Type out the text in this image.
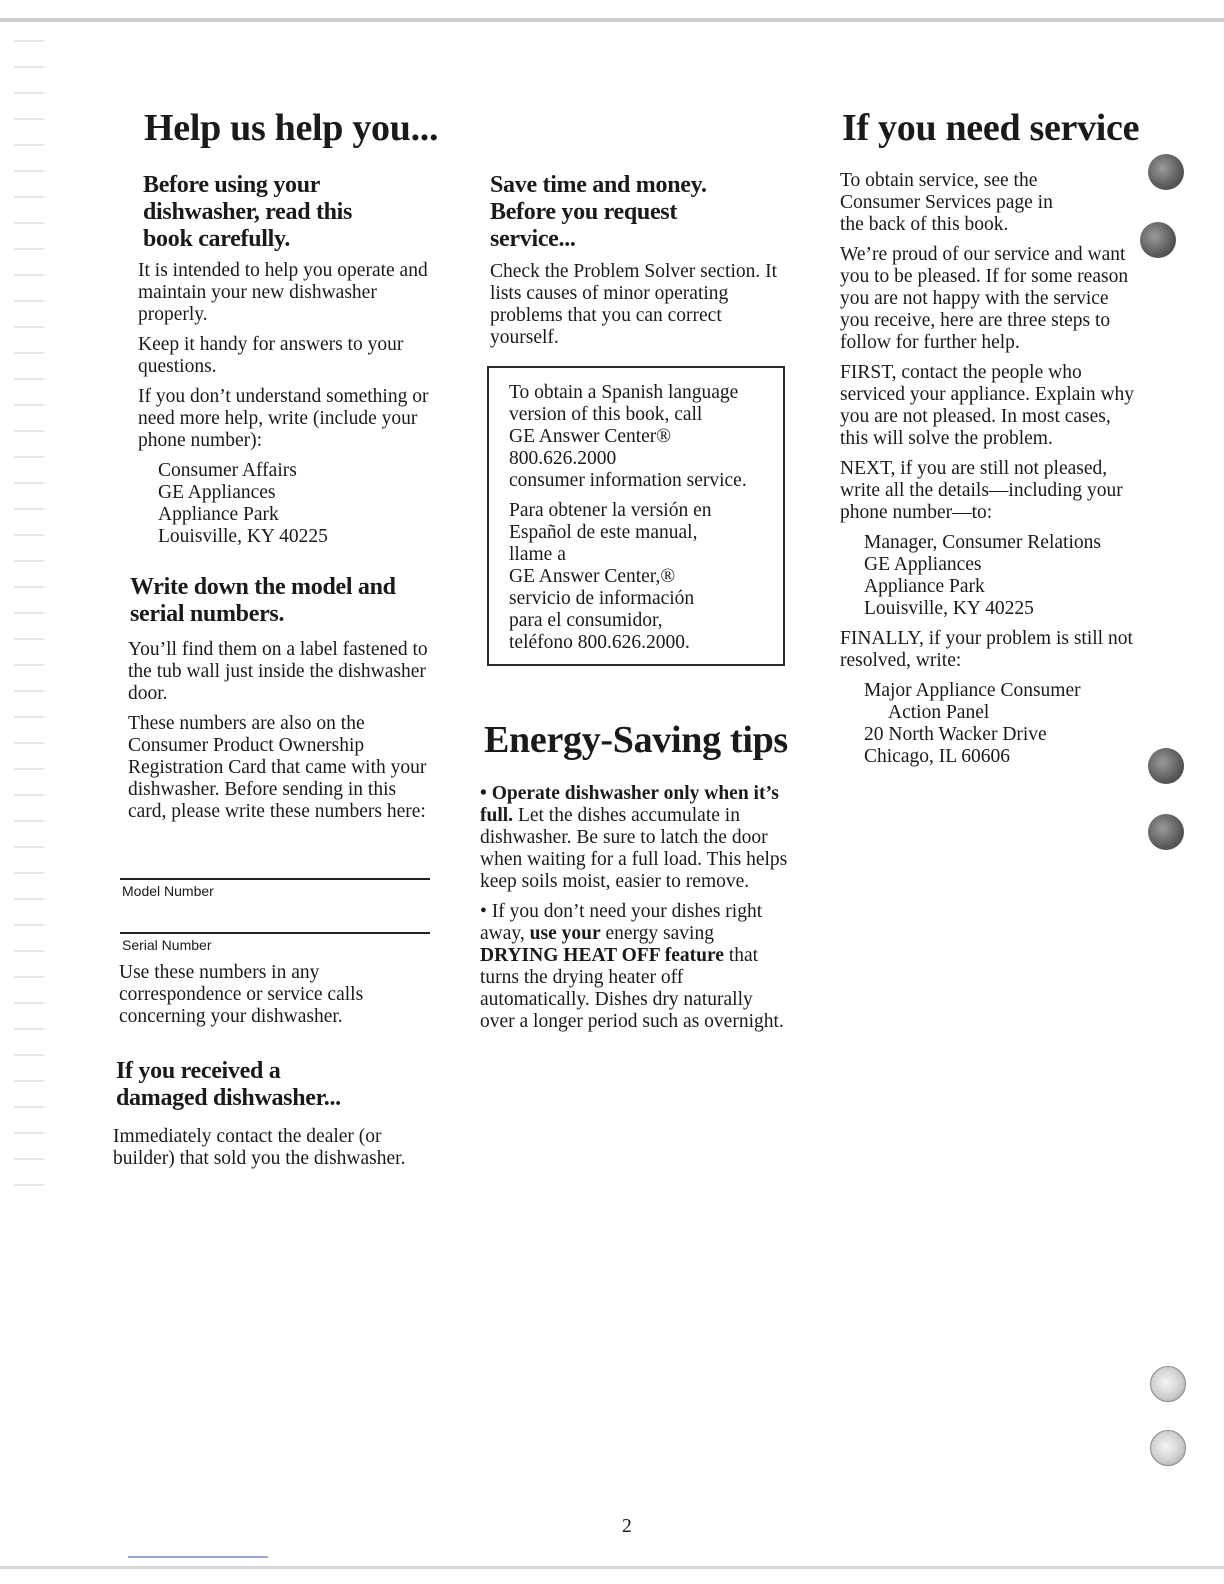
Help us help you...
Before using your
dishwasher, read this
book carefully.

It is intended to help you operate and maintain your new dishwasher properly.

Keep it handy for answers to your questions.

If you don’t understand something or need more help, write (include your phone number):

Consumer Affairs
GE Appliances
Appliance Park
Louisville, KY 40225
Write down the model and
serial numbers.

You’ll find them on a label fastened to the tub wall just inside the dishwasher door.

These numbers are also on the Consumer Product Ownership Registration Card that came with your dishwasher. Before sending in this card, please write these numbers here:

Model Number
Serial Number
Use these numbers in any correspondence or service calls concerning your dishwasher.
If you received a
damaged dishwasher...
Immediately contact the dealer (or builder) that sold you the dishwasher.
Save time and money.
Before you request
service...
Check the Problem Solver section. It lists causes of minor operating problems that you can correct yourself.
To obtain a Spanish language
version of this book, call
GE Answer Center®
800.626.2000
consumer information service.
Para obtener la versión en
Español de este manual,
llame a
GE Answer Center,®
servicio de información
para el consumidor,
teléfono 800.626.2000.
Energy-Saving tips

• Operate dishwasher only when it’s full. Let the dishes accumulate in dishwasher. Be sure to latch the door when waiting for a full load. This helps keep soils moist, easier to remove.

• If you don’t need your dishes right away, use your energy saving DRYING HEAT OFF feature that turns the drying heater off automatically. Dishes dry naturally over a longer period such as overnight.

If you need service

To obtain service, see the Consumer Services page in the back of this book.

We’re proud of our service and want you to be pleased. If for some reason you are not happy with the service you receive, here are three steps to follow for further help.

FIRST, contact the people who serviced your appliance. Explain why you are not pleased. In most cases, this will solve the problem.

NEXT, if you are still not pleased, write all the details—including your phone number—to:

Manager, Consumer Relations
GE Appliances
Appliance Park
Louisville, KY 40225

FINALLY, if your problem is still not resolved, write:

Major Appliance Consumer
Action Panel
20 North Wacker Drive
Chicago, IL 60606
2
